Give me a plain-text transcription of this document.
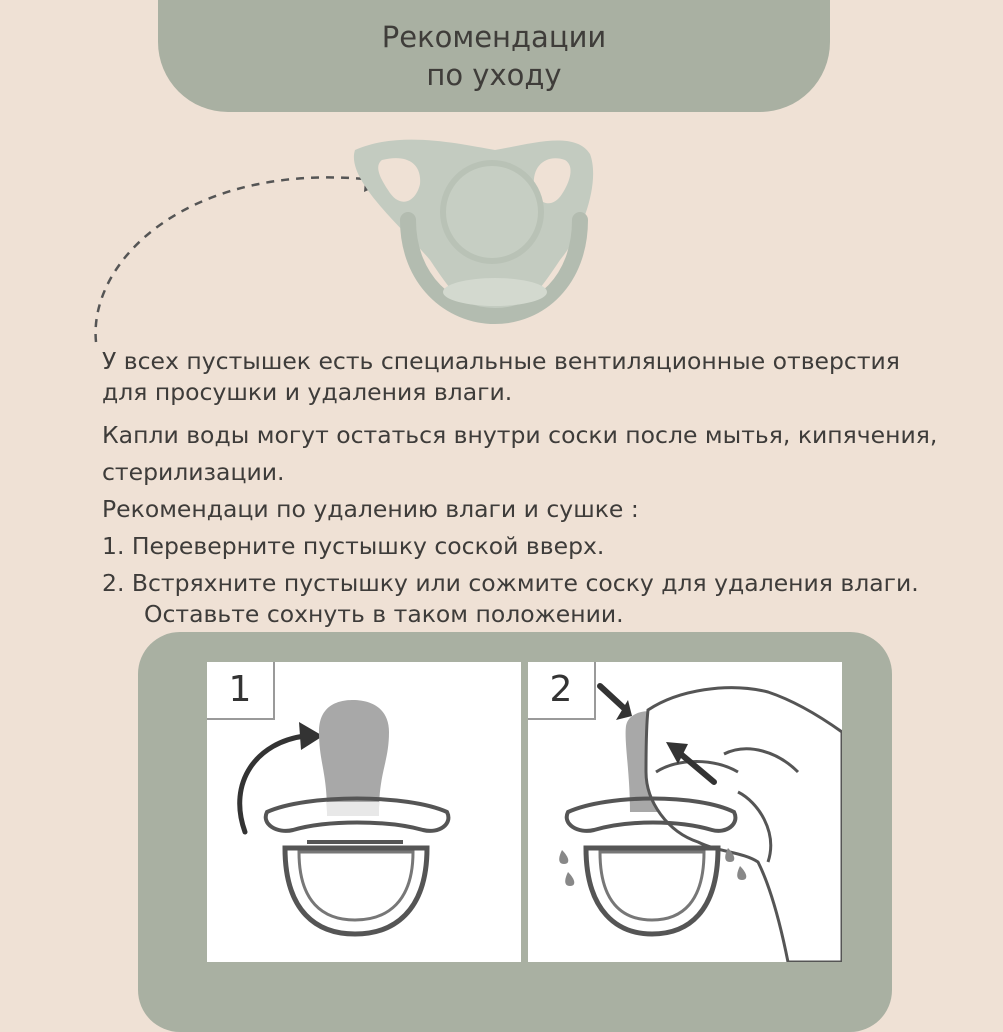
Рекомендации
по уходу

У всех пустышек есть специальные вентиляционные отверстия

для просушки и удаления влаги.

Капли воды могут остаться внутри соски после мытья, кипячения,

стерилизации.

Рекомендаци по удалению влаги и сушке :

1. Переверните пустышку соской вверх.

2. Встряхните пустышку или сожмите соску для удаления влаги.

Оставьте сохнуть в таком положении.

1	2
